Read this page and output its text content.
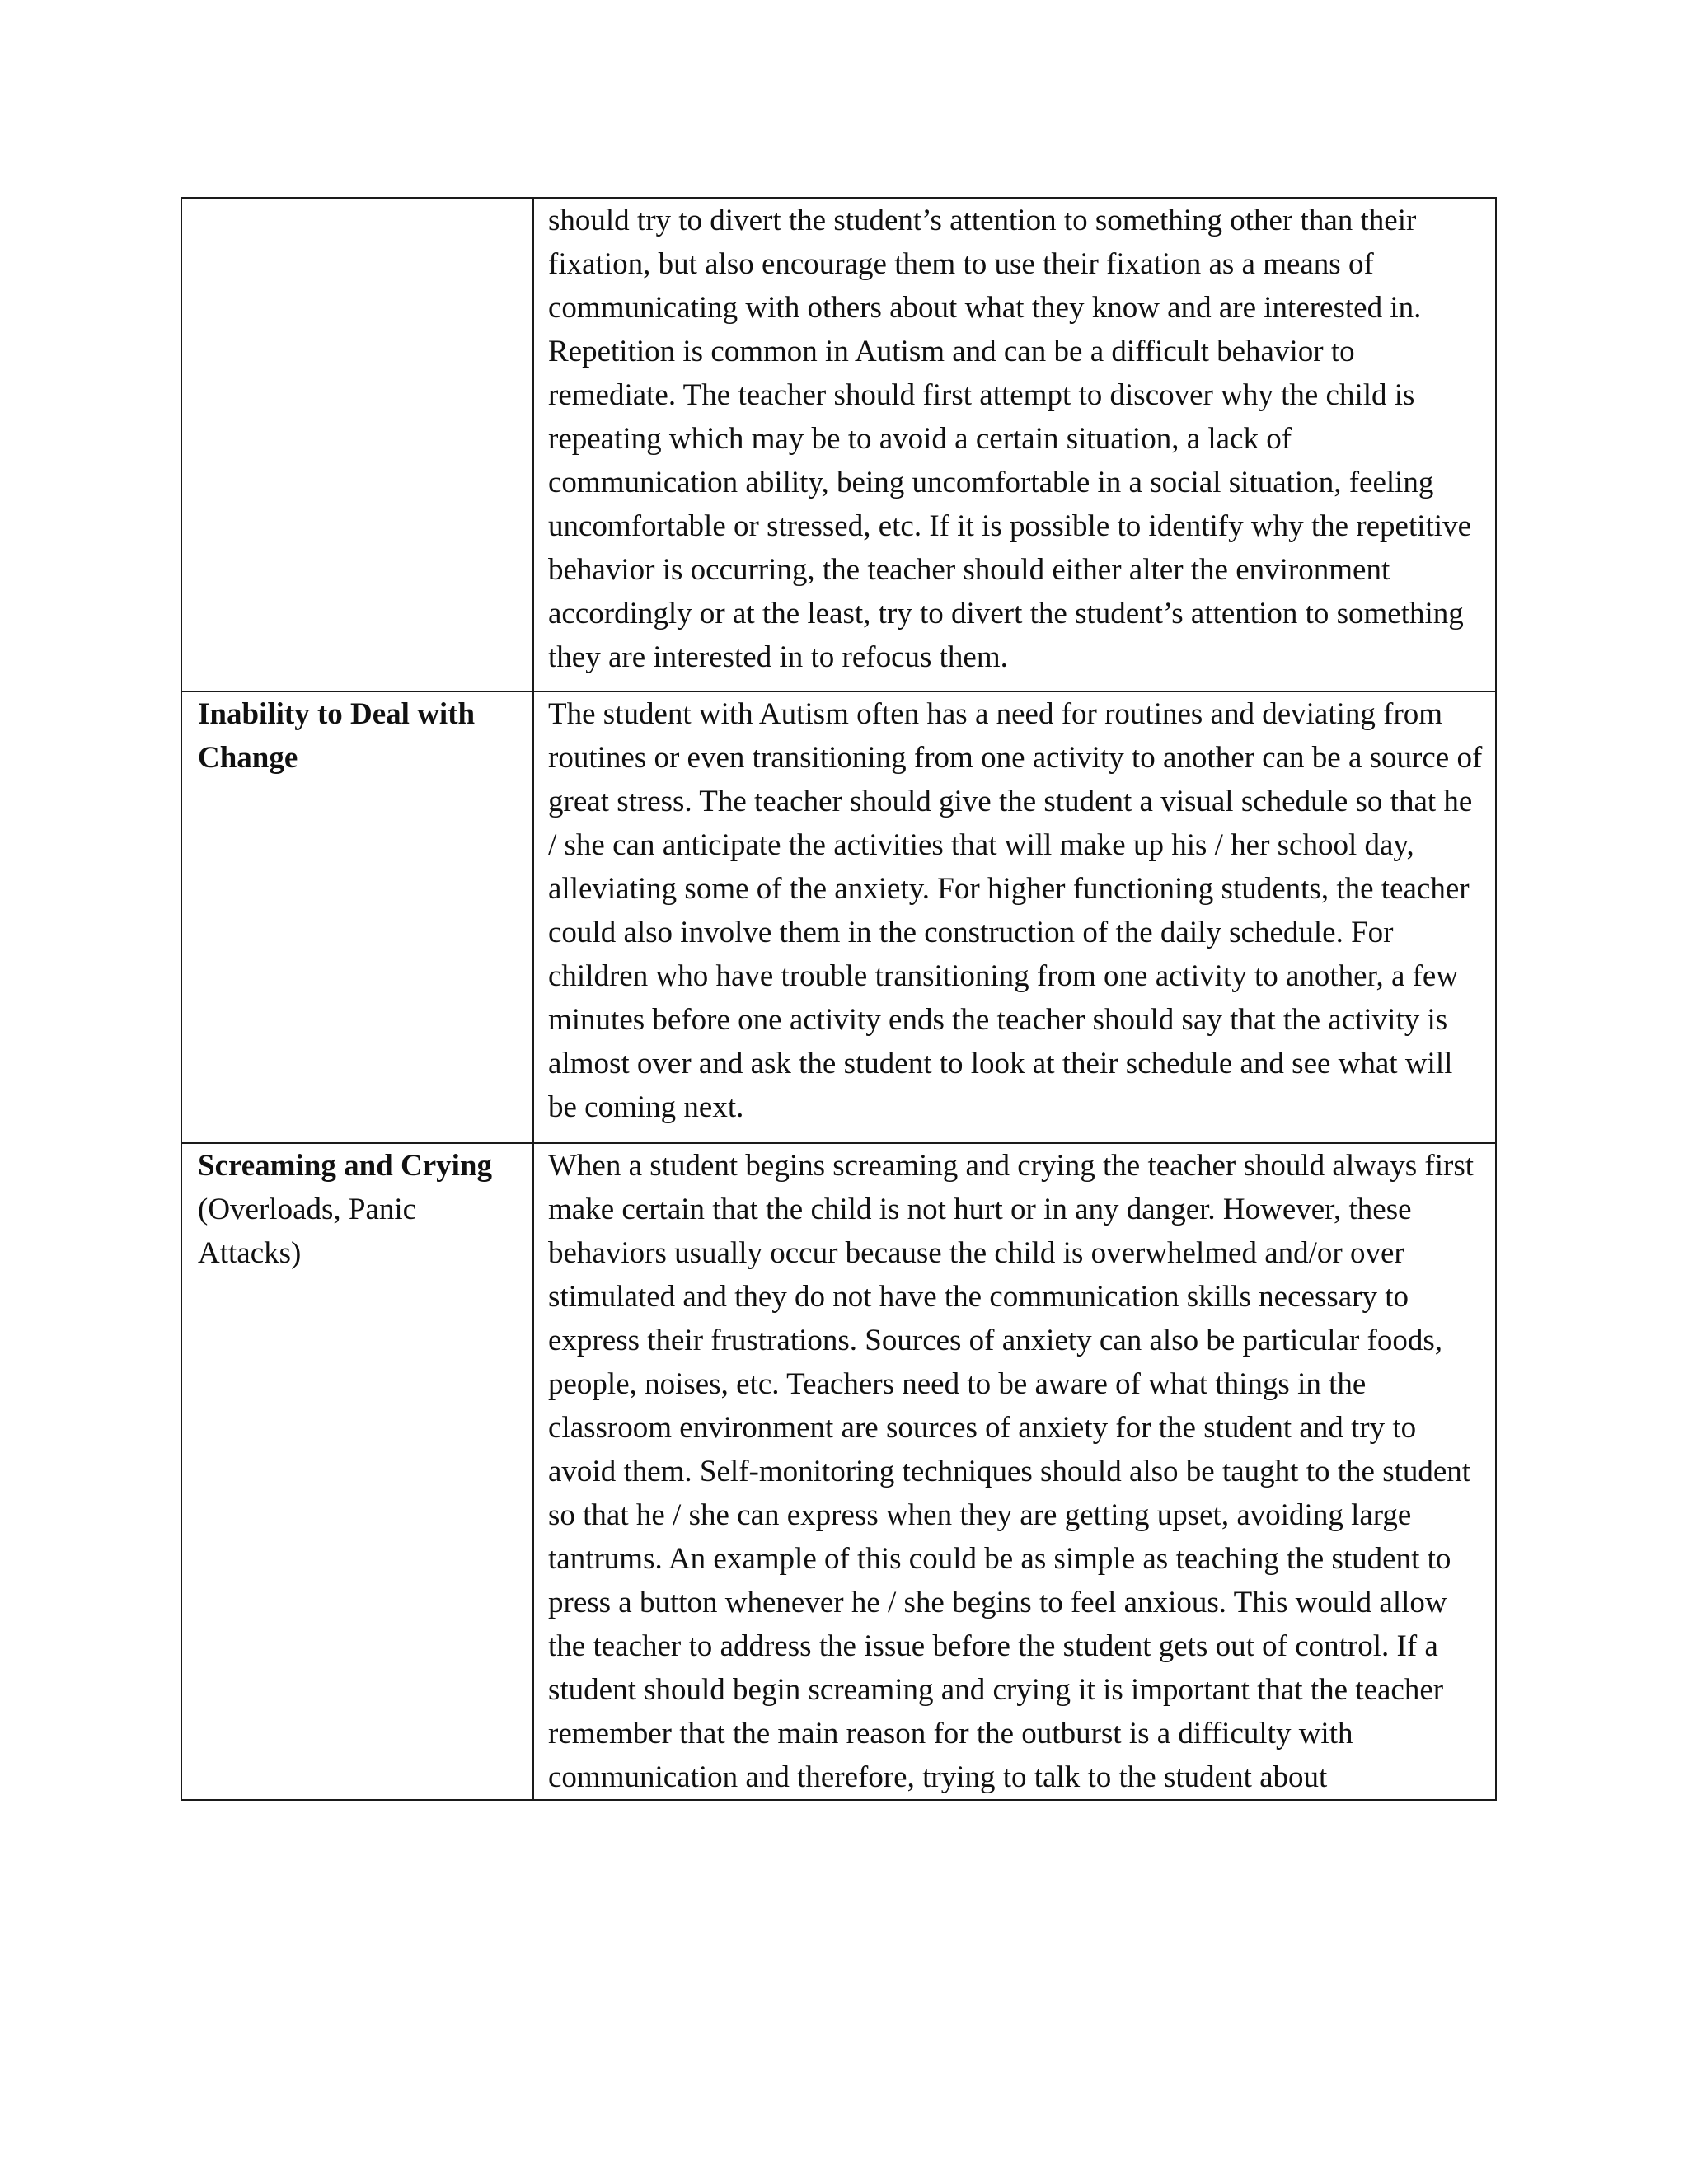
	should try to divert the student’s attention to something other than their fixation, but also encourage them to use their fixation as a means of communicating with others about what they know and are interested in. Repetition is common in Autism and can be a difficult behavior to remediate. The teacher should first attempt to discover why the child is repeating which may be to avoid a certain situation, a lack of communication ability, being uncomfortable in a social situation, feeling uncomfortable or stressed, etc. If it is possible to identify why the repetitive behavior is occurring, the teacher should either alter the environment accordingly or at the least, try to divert the student’s attention to something they are interested in to refocus them.

Inability to Deal with Change	The student with Autism often has a need for routines and deviating from routines or even transitioning from one activity to another can be a source of great stress. The teacher should give the student a visual schedule so that he / she can anticipate the activities that will make up his / her school day, alleviating some of the anxiety. For higher functioning students, the teacher could also involve them in the construction of the daily schedule. For children who have trouble transitioning from one activity to another, a few minutes before one activity ends the teacher should say that the activity is almost over and ask the student to look at their schedule and see what will be coming next.

Screaming and Crying (Overloads, Panic Attacks)	When a student begins screaming and crying the teacher should always first make certain that the child is not hurt or in any danger. However, these behaviors usually occur because the child is overwhelmed and/or over stimulated and they do not have the communication skills necessary to express their frustrations. Sources of anxiety can also be particular foods, people, noises, etc. Teachers need to be aware of what things in the classroom environment are sources of anxiety for the student and try to avoid them. Self-monitoring techniques should also be taught to the student so that he / she can express when they are getting upset, avoiding large tantrums. An example of this could be as simple as teaching the student to press a button whenever he / she begins to feel anxious. This would allow the teacher to address the issue before the student gets out of control. If a student should begin screaming and crying it is important that the teacher remember that the main reason for the outburst is a difficulty with communication and therefore, trying to talk to the student about
